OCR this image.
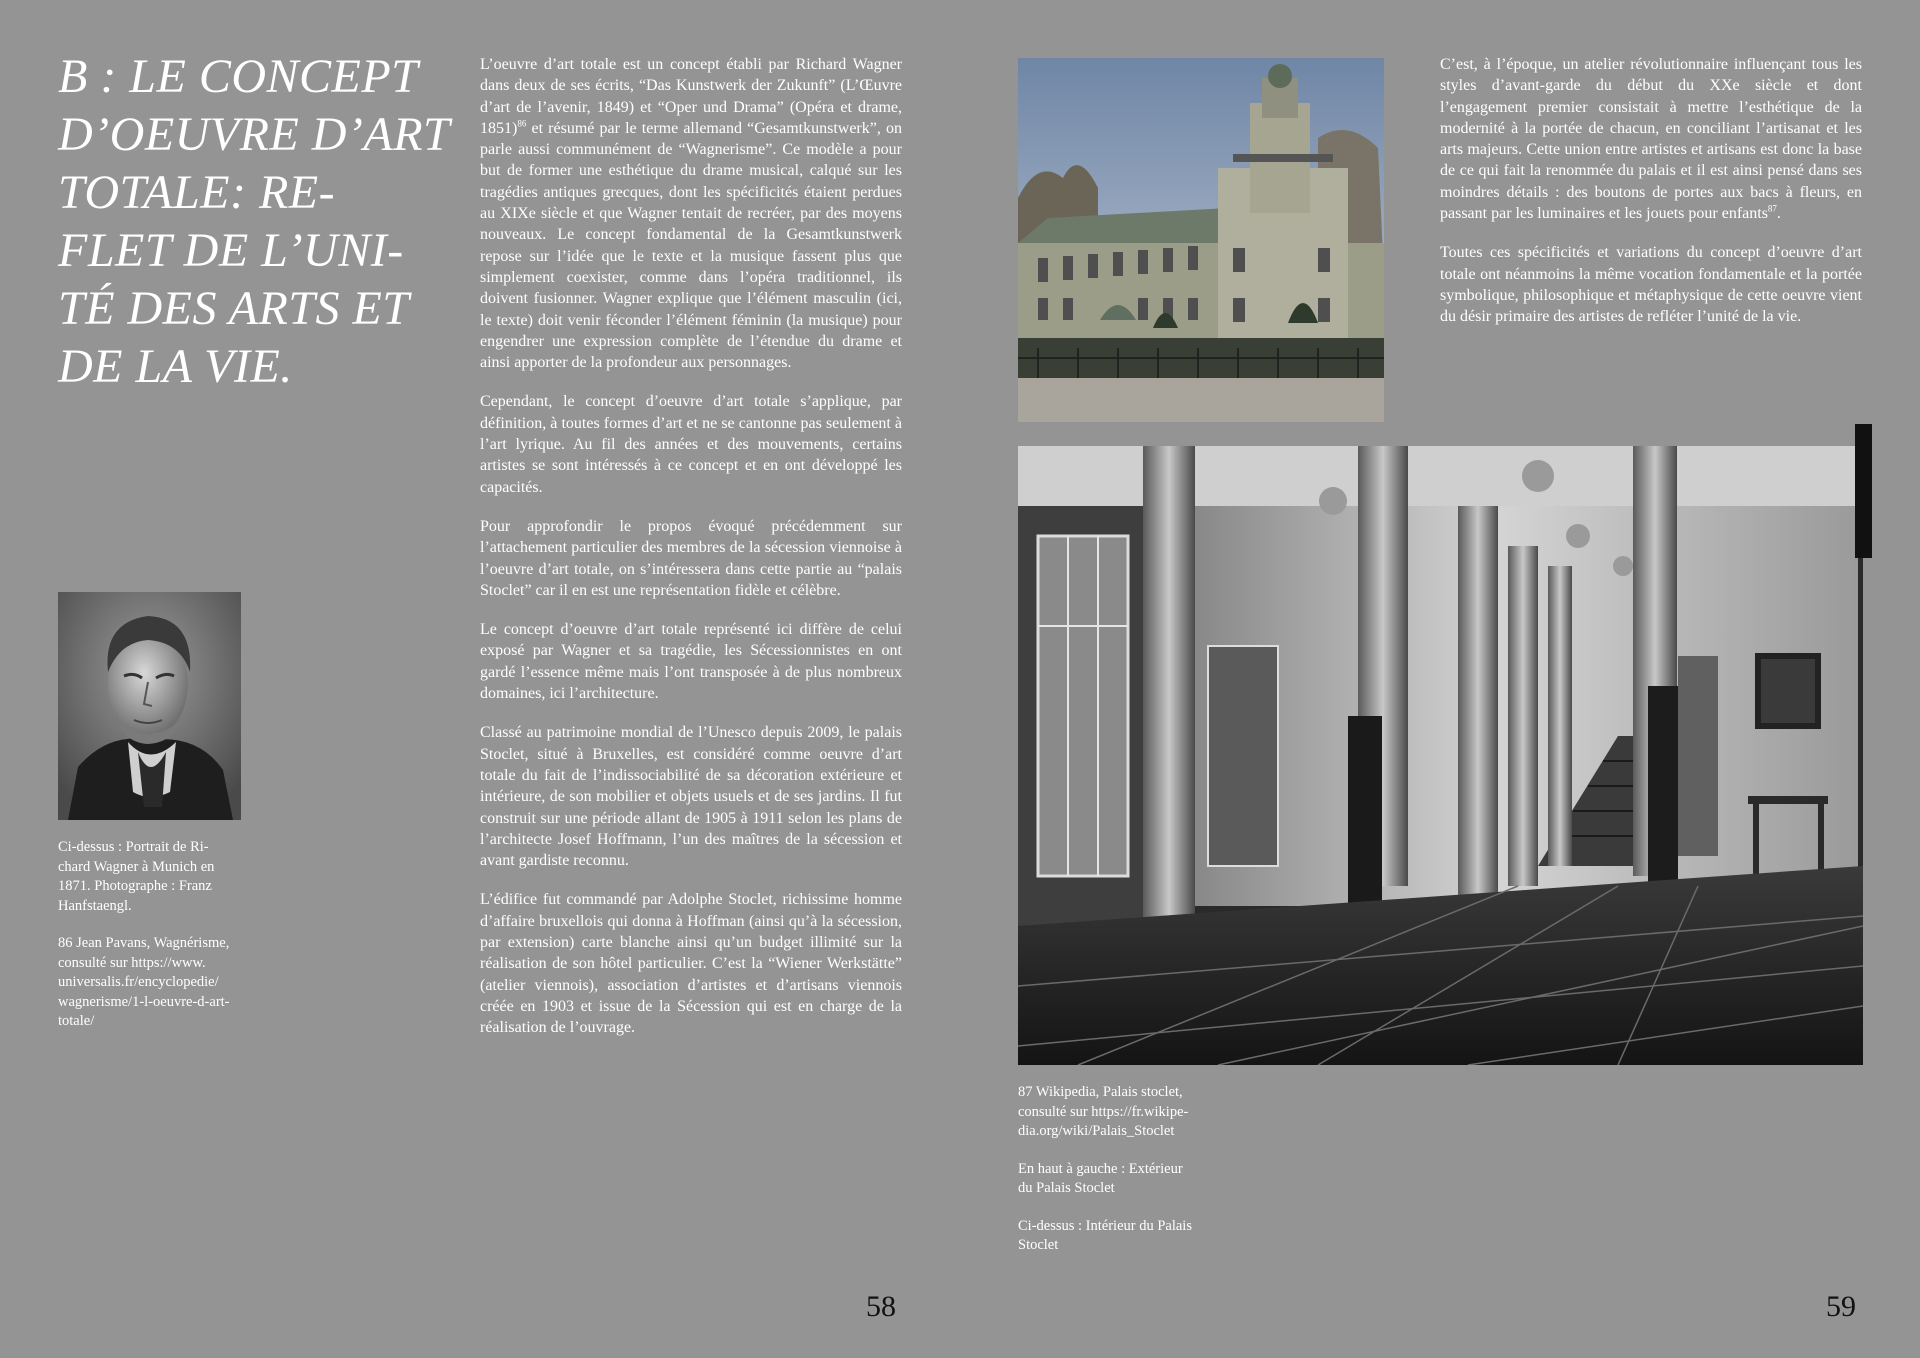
B : LE CONCEPT
D’OEUVRE D’ART
TOTALE: RE-
FLET DE L’UNI-
TÉ DES ARTS ET
DE LA VIE.

L’oeuvre d’art totale est un concept établi par Richard Wagner dans deux de ses écrits, “Das Kunstwerk der Zukunft” (L’Œuvre d’art de l’avenir, 1849) et “Oper und Drama” (Opéra et drame, 1851)$^{86}$ et résumé par le terme allemand “Gesamtkunstwerk”, on parle aussi communément de “Wagnerisme”. Ce modèle a pour but de former une esthétique du drame musical, calqué sur les tragédies antiques grecques, dont les spécificités étaient perdues au XIXe siècle et que Wagner tentait de recréer, par des moyens nouveaux. Le concept fondamental de la Gesamtkunstwerk repose sur l’idée que le texte et la musique fassent plus que simplement coexister, comme dans l’opéra traditionnel, ils doivent fusionner. Wagner explique que l’élément masculin (ici, le texte) doit venir féconder l’élément féminin (la musique) pour engendrer une expression complète de l’étendue du drame et ainsi apporter de la profondeur aux personnages.

Cependant, le concept d’oeuvre d’art totale s’applique, par définition, à toutes formes d’art et ne se cantonne pas seulement à l’art lyrique. Au fil des années et des mouvements, certains artistes se sont intéressés à ce concept et en ont développé les capacités.

Pour approfondir le propos évoqué précédemment sur l’attachement particulier des membres de la sécession viennoise à l’oeuvre d’art totale, on s’intéressera dans cette partie au “palais Stoclet” car il en est une représentation fidèle et célèbre.

Le concept d’oeuvre d’art totale représenté ici diffère de celui exposé par Wagner et sa tragédie, les Sécessionnistes en ont gardé l’essence même mais l’ont transposée à de plus nombreux domaines, ici l’architecture.

Classé au patrimoine mondial de l’Unesco depuis 2009, le palais Stoclet, situé à Bruxelles, est considéré comme oeuvre d’art totale du fait de l’indissociabilité de sa décoration extérieure et intérieure, de son mobilier et objets usuels et de ses jardins. Il fut construit sur une période allant de 1905 à 1911 selon les plans de l’architecte Josef Hoffmann, l’un des maîtres de la sécession et avant gardiste reconnu.

L’édifice fut commandé par Adolphe Stoclet, richissime homme d’affaire bruxellois qui donna à Hoffman (ainsi qu’à la sécession, par extension) carte blanche ainsi qu’un budget illimité sur la réalisation de son hôtel particulier. C’est la “Wiener Werkstätte” (atelier viennois), association d’artistes et d’artisans viennois créée en 1903 et issue de la Sécession qui est en charge de la réalisation de l’ouvrage.

Ci-dessus : Portrait de Ri-
chard Wagner à Munich en
1871. Photographe : Franz
Hanfstaengl.

86 Jean Pavans, Wagnérisme,
consulté sur https://www.
universalis.fr/encyclopedie/
wagnerisme/1-l-oeuvre-d-art-
totale/

58

C’est, à l’époque, un atelier révolutionnaire influençant tous les styles d’avant-garde du début du XXe siècle et dont l’engagement premier consistait à mettre l’esthétique de la modernité à la portée de chacun, en conciliant l’artisanat et les arts majeurs. Cette union entre artistes et artisans est donc la base de ce qui fait la renommée du palais et il est ainsi pensé dans ses moindres détails : des boutons de portes aux bacs à fleurs, en passant par les luminaires et les jouets pour enfants$^{87}$.

Toutes ces spécificités et variations du concept d’oeuvre d’art totale ont néanmoins la même vocation fondamentale et la portée symbolique, philosophique et métaphysique de cette oeuvre vient du désir primaire des artistes de refléter l’unité de la vie.

87 Wikipedia, Palais stoclet,
consulté sur https://fr.wikipe-
dia.org/wiki/Palais_Stoclet

En haut à gauche : Extérieur
du Palais Stoclet

Ci-dessus : Intérieur du Palais
Stoclet

59
